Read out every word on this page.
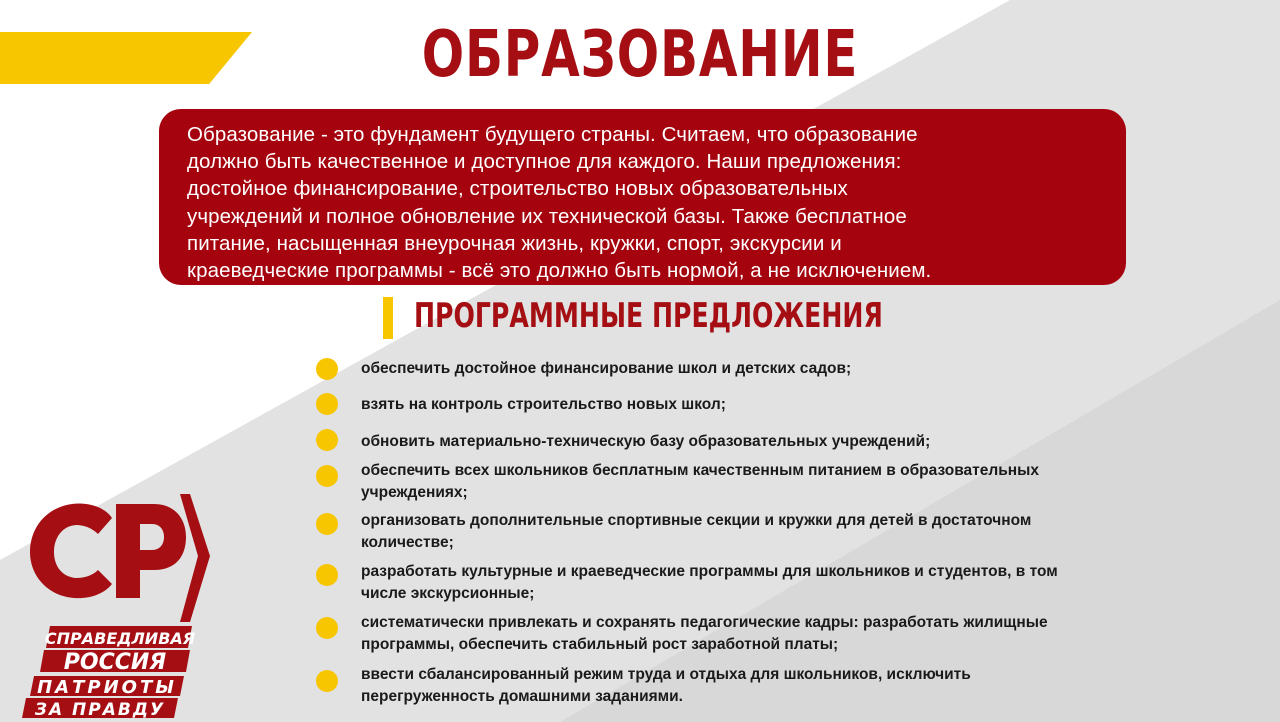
ОБРАЗОВАНИЕ

Образование - это фундамент будущего страны. Считаем, что образование
должно быть качественное и доступное для каждого. Наши предложения:
достойное финансирование, строительство новых образовательных
учреждений и полное обновление их технической базы. Также бесплатное
питание, насыщенная внеурочная жизнь, кружки, спорт, экскурсии и
краеведческие программы - всё это должно быть нормой, а не исключением.

ПРОГРАММНЫЕ ПРЕДЛОЖЕНИЯ
обеспечить достойное финансирование школ и детских садов;
взять на контроль строительство новых школ;
обновить материально-техническую базу образовательных учреждений;
обеспечить всех школьников бесплатным качественным питанием в образовательных учреждениях;
организовать дополнительные спортивные секции и кружки для детей в достаточном количестве;
разработать культурные и краеведческие программы для школьников и студентов, в том числе экскурсионные;
систематически привлекать и сохранять педагогические кадры: разработать жилищные программы, обеспечить стабильный рост заработной платы;
ввести сбалансированный режим труда и отдыха для школьников, исключить перегруженность домашними заданиями.
СПРАВЕДЛИВАЯ
РОССИЯ
ПАТРИОТЫ
ЗА ПРАВДУ
